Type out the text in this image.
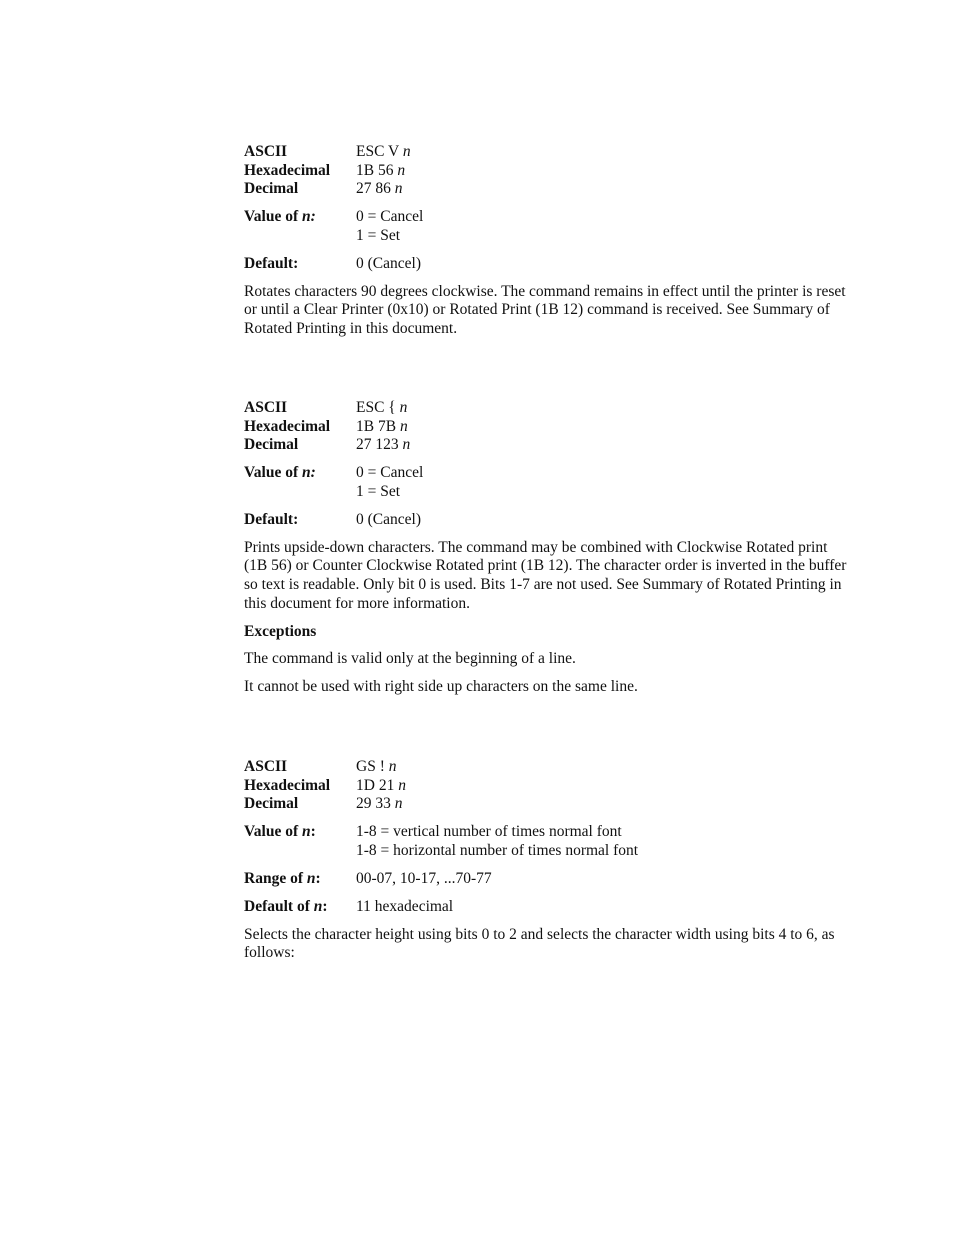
ASCII	ESC V n
Hexadecimal	1B 56 n
Decimal	27 86 n
Value of n:	0 = Cancel
1 = Set
Default:	0 (Cancel)

Rotates characters 90 degrees clockwise. The command remains in effect until the printer is reset or until a Clear Printer (0x10) or Rotated Print (1B 12) command is received. See Summary of Rotated Printing in this document.

ASCII	ESC { n
Hexadecimal	1B 7B n
Decimal	27 123 n
Value of n:	0 = Cancel
1 = Set
Default:	0 (Cancel)

Prints upside-down characters. The command may be combined with Clockwise Rotated print (1B 56) or Counter Clockwise Rotated print (1B 12). The character order is inverted in the buffer so text is readable. Only bit 0 is used. Bits 1-7 are not used. See Summary of Rotated Printing in this document for more information.

Exceptions

The command is valid only at the beginning of a line.

It cannot be used with right side up characters on the same line.

ASCII	GS ! n
Hexadecimal	1D 21 n
Decimal	29 33 n
Value of n:	1-8 = vertical number of times normal font
1-8 = horizontal number of times normal font
Range of n:	00-07, 10-17, ...70-77
Default of n:	11 hexadecimal

Selects the character height using bits 0 to 2 and selects the character width using bits 4 to 6, as follows:
